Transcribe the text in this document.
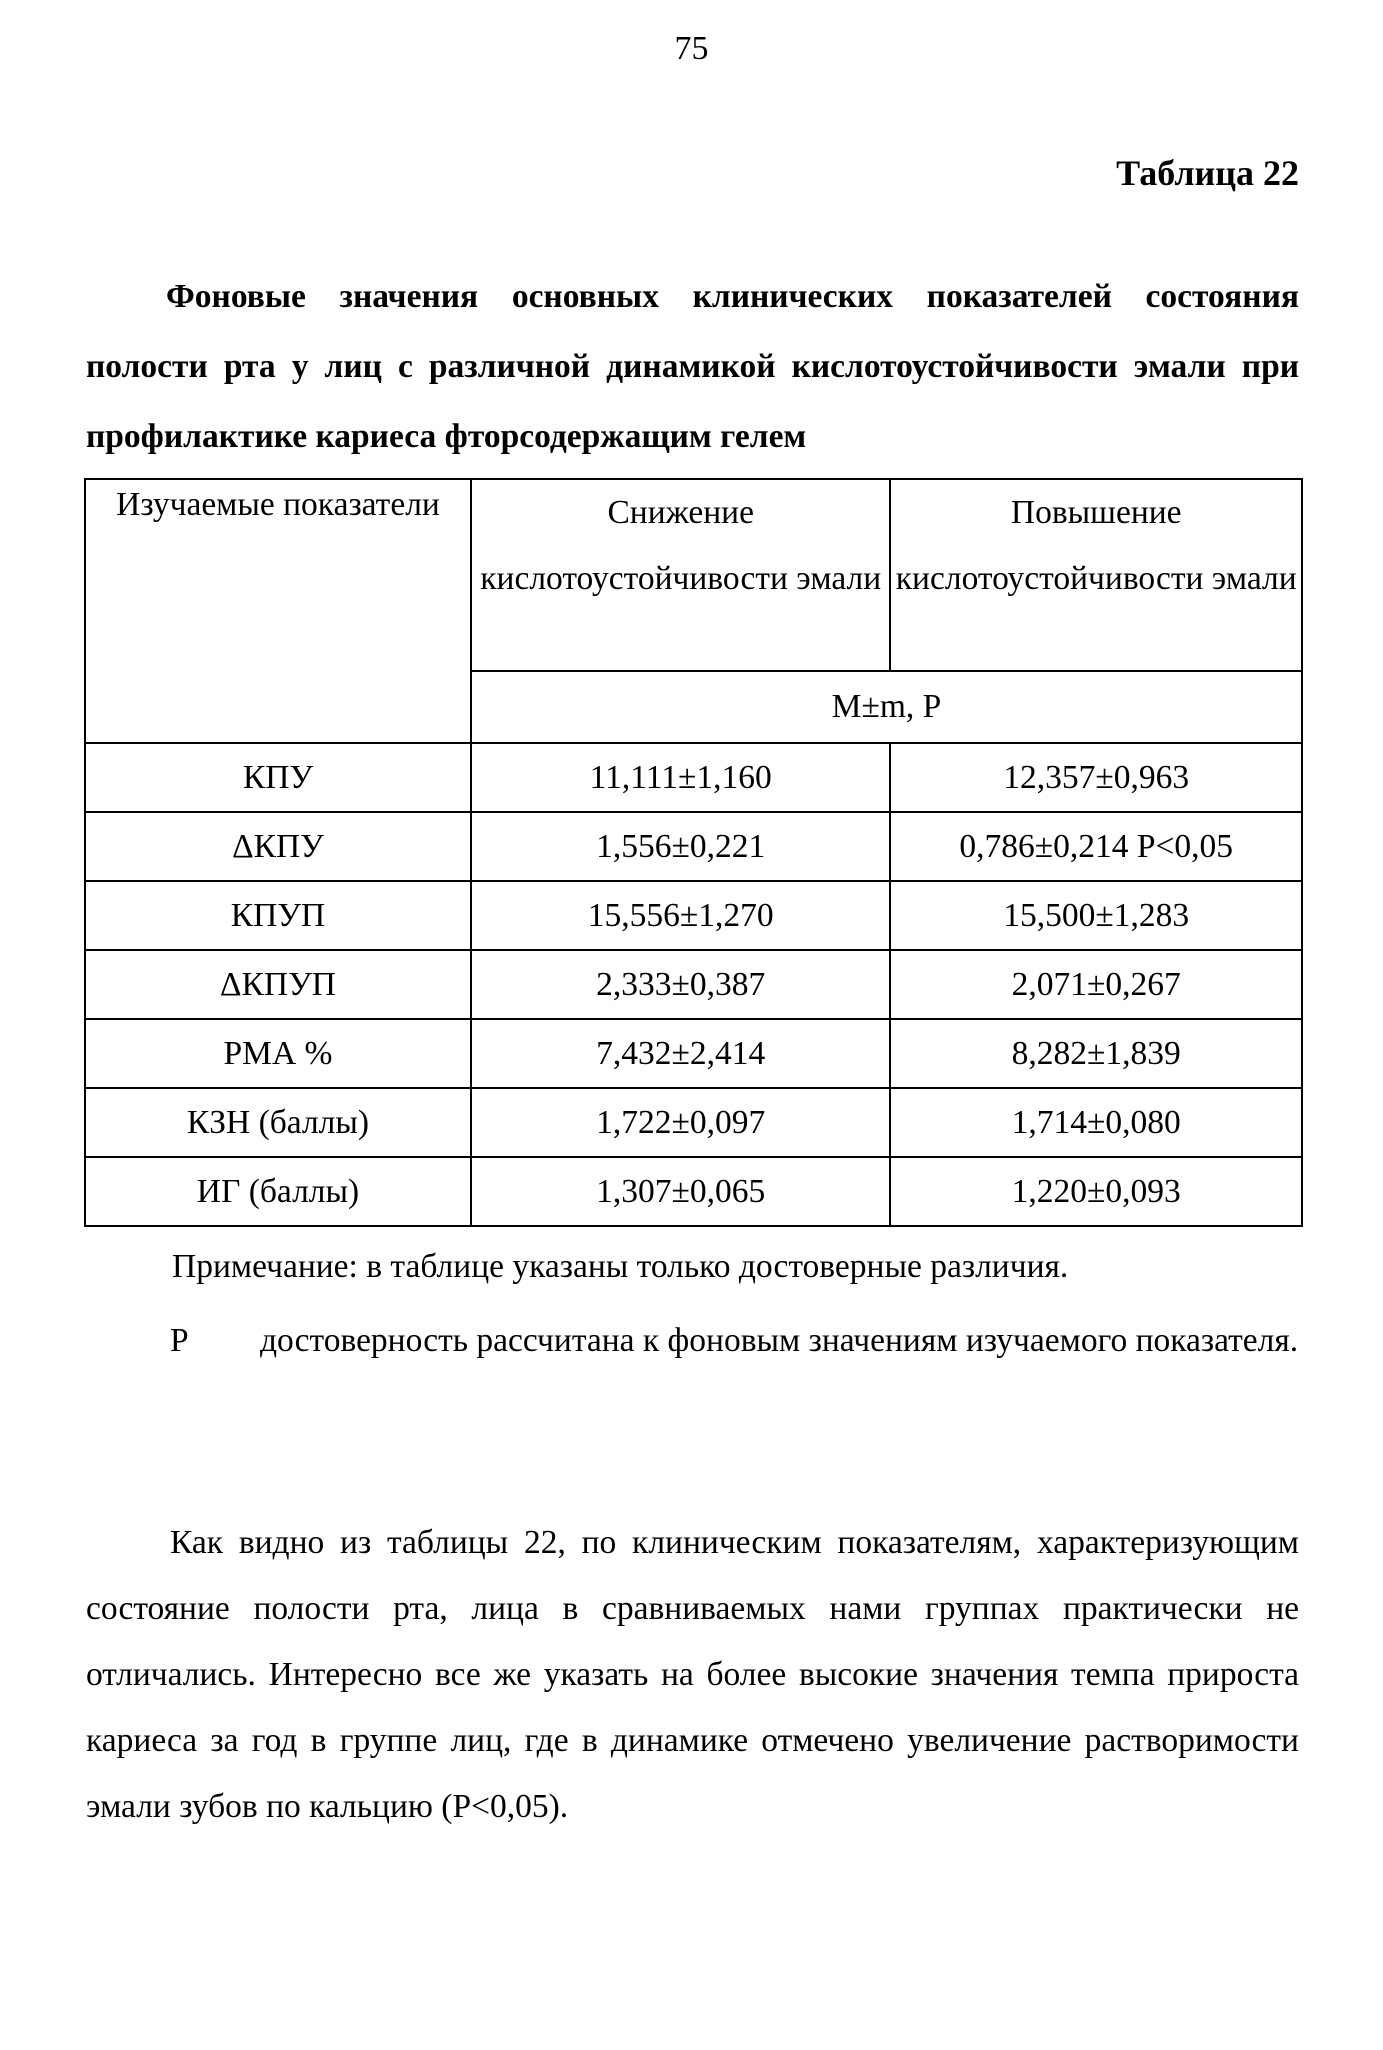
75
Таблица 22
Фоновые значения основных клинических показателей состояния полости рта у лиц с различной динамикой кислотоустойчивости эмали при профилактике кариеса фторсодержащим гелем
Изучаемые показатели	Снижение кислотоустойчивости эмали	Повышение кислотоустойчивости эмали
	M±m, P	
КПУ	11,111±1,160	12,357±0,963
ΔКПУ	1,556±0,221	0,786±0,214 P<0,05
КПУП	15,556±1,270	15,500±1,283
ΔКПУП	2,333±0,387	2,071±0,267
РМА %	7,432±2,414	8,282±1,839
КЗН (баллы)	1,722±0,097	1,714±0,080
ИГ (баллы)	1,307±0,065	1,220±0,093
Примечание: в таблице указаны только достоверные различия.
Р достоверность рассчитана к фоновым значениям изучаемого показателя.
Как видно из таблицы 22, по клиническим показателям, характеризующим состояние полости рта, лица в сравниваемых нами группах практически не отличались. Интересно все же указать на более высокие значения темпа прироста кариеса за год в группе лиц, где в динамике отмечено увеличение растворимости эмали зубов по кальцию (Р<0,05).
